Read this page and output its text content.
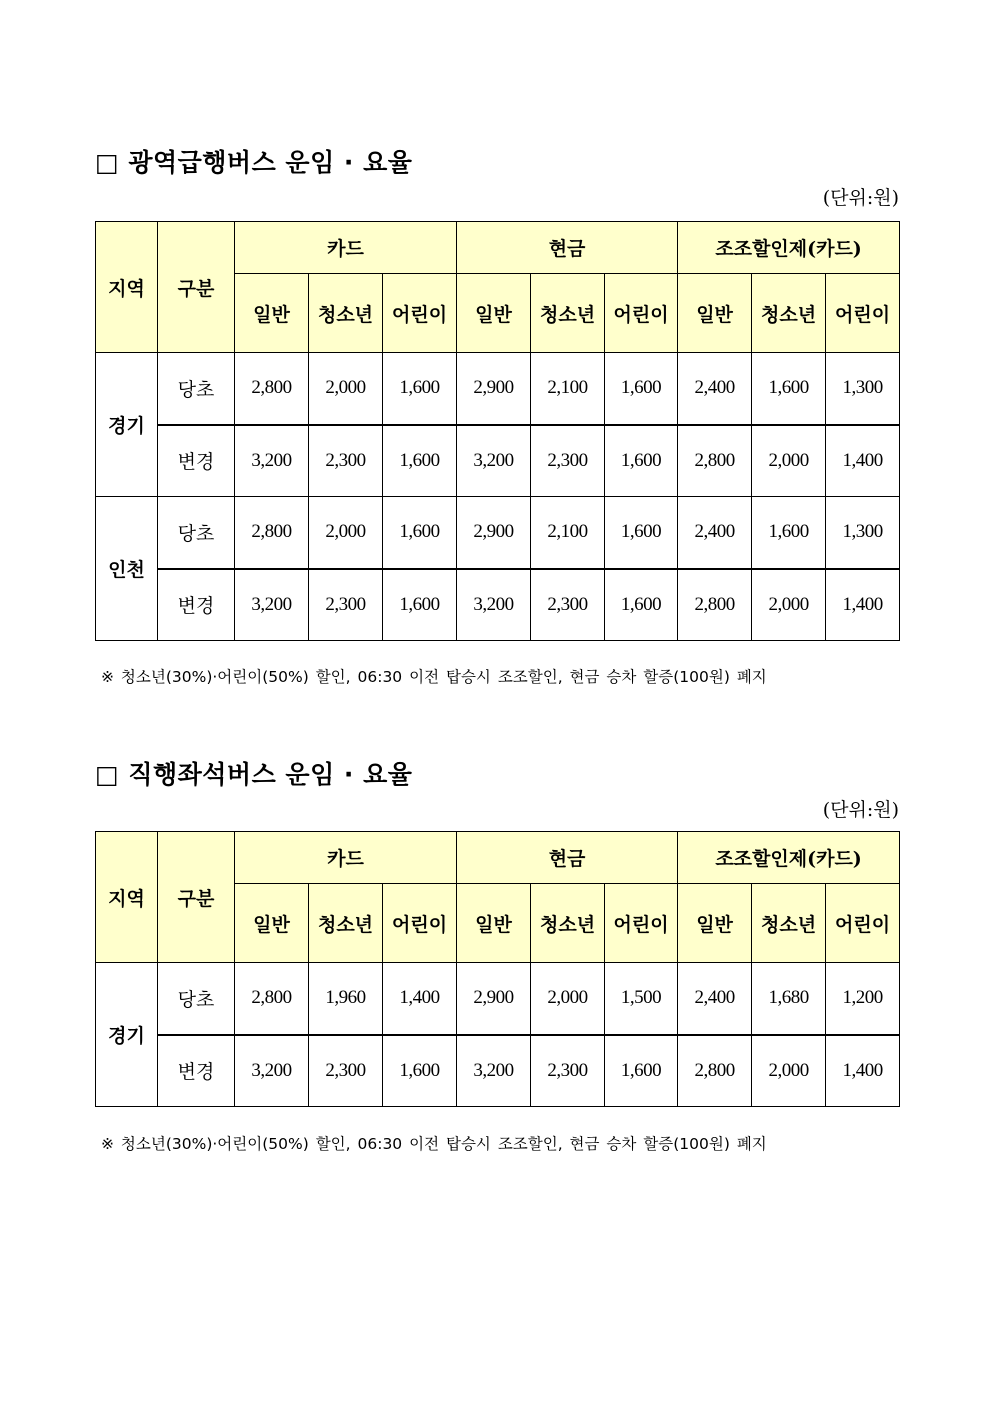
□ 광역급행버스 운임 · 요율
(단위:원)
지역	구분	카드			현금			조조할인제(카드)		
		일반	청소년	어린이	일반	청소년	어린이	일반	청소년	어린이
경기	당초	2,800	2,000	1,600	2,900	2,100	1,600	2,400	1,600	1,300
	변경	3,200	2,300	1,600	3,200	2,300	1,600	2,800	2,000	1,400
인천	당초	2,800	2,000	1,600	2,900	2,100	1,600	2,400	1,600	1,300
	변경	3,200	2,300	1,600	3,200	2,300	1,600	2,800	2,000	1,400
※ 청소년(30%)·어린이(50%) 할인, 06:30 이전 탑승시 조조할인, 현금 승차 할증(100원) 폐지
□ 직행좌석버스 운임 · 요율
(단위:원)
지역	구분	카드			현금			조조할인제(카드)		
		일반	청소년	어린이	일반	청소년	어린이	일반	청소년	어린이
경기	당초	2,800	1,960	1,400	2,900	2,000	1,500	2,400	1,680	1,200
	변경	3,200	2,300	1,600	3,200	2,300	1,600	2,800	2,000	1,400
※ 청소년(30%)·어린이(50%) 할인, 06:30 이전 탑승시 조조할인, 현금 승차 할증(100원) 폐지
